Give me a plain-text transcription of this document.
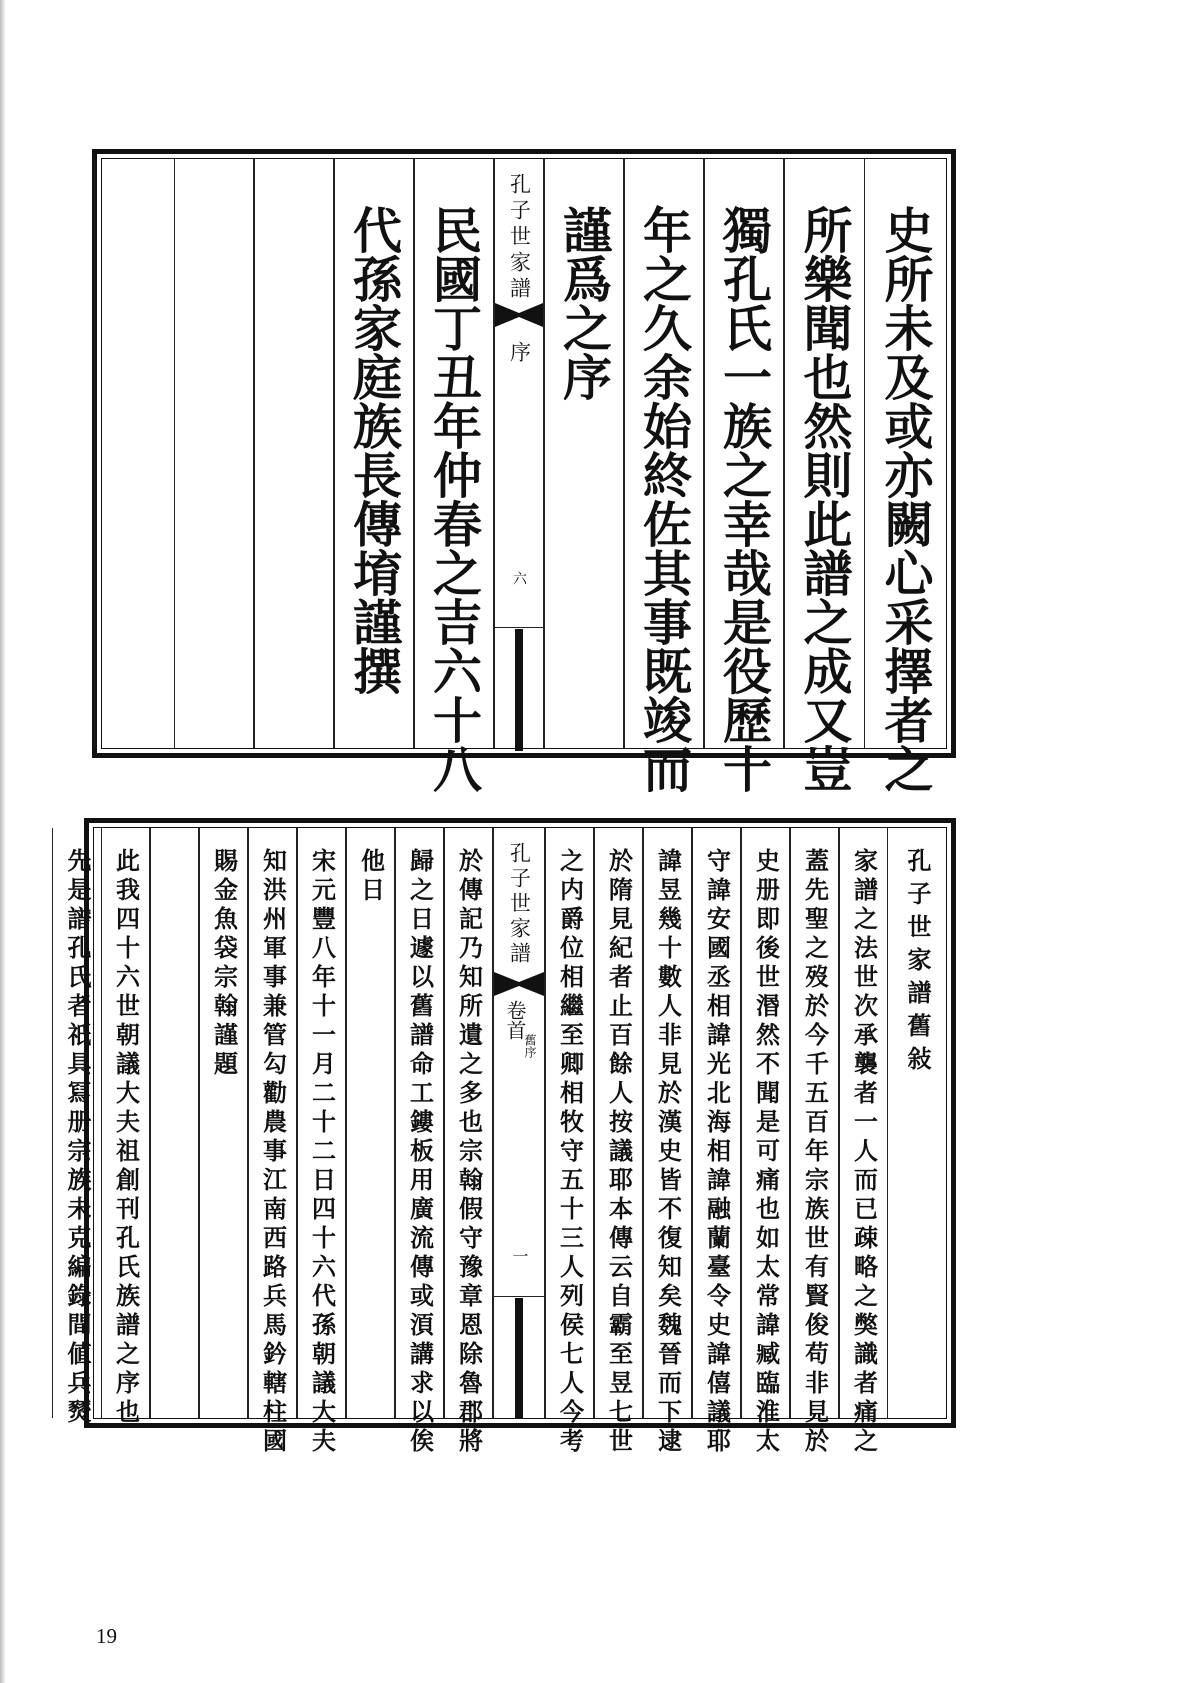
史所未及或亦闕心采擇者之
所樂聞也然則此譜之成又豈
獨孔氏一族之幸哉是役歷十
年之久余始終佐其事既竣而
謹爲之序
孔子世家譜
序
六
民國丁丑年仲春之吉六十八
代孫家庭族長傳堉謹撰
孔子世家譜舊敍
家譜之法世次承襲者一人而已疎略之獘識者痛之
蓋先聖之歿於今千五百年宗族世有賢俊苟非見於
史册即後世湣然不聞是可痛也如太常諱臧臨淮太
守諱安國丞相諱光北海相諱融蘭臺令史諱僖議耶
諱昱幾十數人非見於漢史皆不復知矣魏晉而下逮
於隋見紀者止百餘人按議耶本傳云自霸至昱七世
之内爵位相繼至卿相牧守五十三人列侯七人今考
孔子世家譜
卷首
舊序
一
於傳記乃知所遺之多也宗翰假守豫章恩除魯郡將
歸之日遽以舊譜命工鏤板用廣流傳或湏講求以俟
他日
宋元豐八年十一月二十二日四十六代孫朝議大夫
知洪州軍事兼管勾勸農事江南西路兵馬鈐轄柱國
賜金魚袋宗翰謹題
此我四十六世朝議大夫祖創刊孔氏族譜之序也
先是譜孔氏者祇具冩册宗族未克編錄間値兵燹
19
